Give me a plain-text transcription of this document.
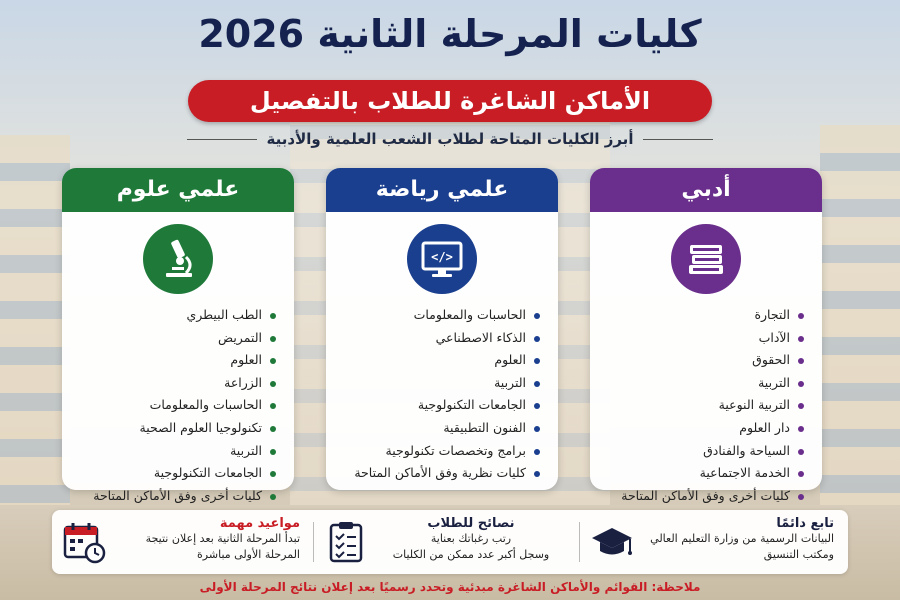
كليات المرحلة الثانية 2026
الأماكن الشاغرة للطلاب بالتفصيل
أبرز الكليات المتاحة لطلاب الشعب العلمية والأدبية
أدبي
التجارة
الآداب
الحقوق
التربية
التربية النوعية
دار العلوم
السياحة والفنادق
الخدمة الاجتماعية
كليات أخرى وفق الأماكن المتاحة
علمي رياضة
</>
الحاسبات والمعلومات
الذكاء الاصطناعي
العلوم
التربية
الجامعات التكنولوجية
الفنون التطبيقية
برامج وتخصصات تكنولوجية
كليات نظرية وفق الأماكن المتاحة
علمي علوم
الطب البيطري
التمريض
العلوم
الزراعة
الحاسبات والمعلومات
تكنولوجيا العلوم الصحية
التربية
الجامعات التكنولوجية
كليات أخرى وفق الأماكن المتاحة
تابع دائمًا
البيانات الرسمية من وزارة التعليم العالي
ومكتب التنسيق
نصائح للطلاب
رتب رغباتك بعناية
وسجل أكبر عدد ممكن من الكليات
مواعيد مهمة
تبدأ المرحلة الثانية بعد إعلان نتيجة
المرحلة الأولى مباشرة
ملاحظة: القوائم والأماكن الشاغرة مبدئية وتحدد رسميًا بعد إعلان نتائج المرحلة الأولى
